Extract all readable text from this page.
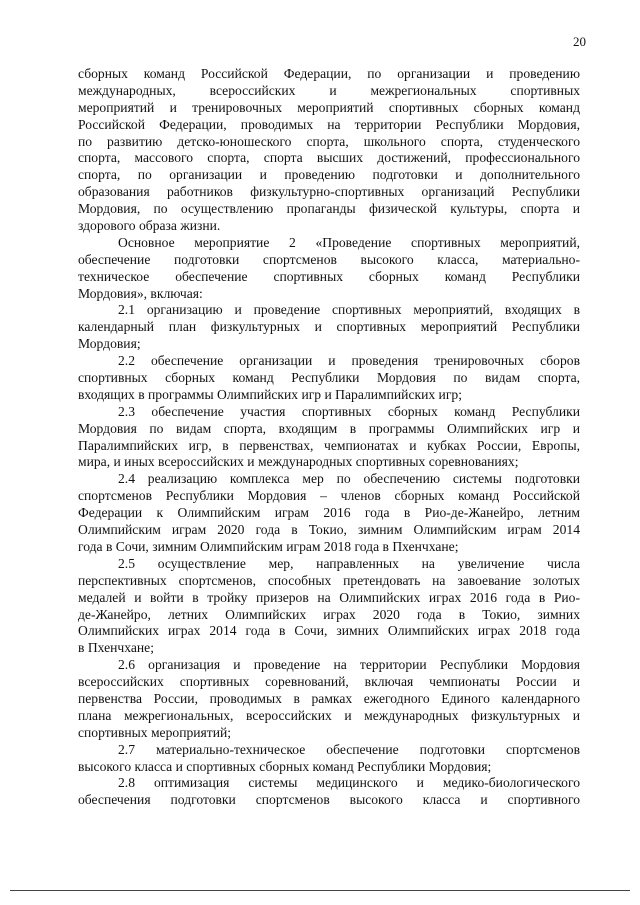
20
сборных команд Российской Федерации, по организации и проведению
международных, всероссийских и межрегиональных спортивных
мероприятий и тренировочных мероприятий спортивных сборных команд
Российской Федерации, проводимых на территории Республики Мордовия,
по развитию детско-юношеского спорта, школьного спорта, студенческого
спорта, массового спорта, спорта высших достижений, профессионального
спорта, по организации и проведению подготовки и дополнительного
образования работников физкультурно-спортивных организаций Республики
Мордовия, по осуществлению пропаганды физической культуры, спорта и
здорового образа жизни.
Основное мероприятие 2 «Проведение спортивных мероприятий,
обеспечение подготовки спортсменов высокого класса, материально-
техническое обеспечение спортивных сборных команд Республики
Мордовия», включая:
2.1 организацию и проведение спортивных мероприятий, входящих в
календарный план физкультурных и спортивных мероприятий Республики
Мордовия;
2.2 обеспечение организации и проведения тренировочных сборов
спортивных сборных команд Республики Мордовия по видам спорта,
входящих в программы Олимпийских игр и Паралимпийских игр;
2.3 обеспечение участия спортивных сборных команд Республики
Мордовия по видам спорта, входящим в программы Олимпийских игр и
Паралимпийских игр, в первенствах, чемпионатах и кубках России, Европы,
мира, и иных всероссийских и международных спортивных соревнованиях;
2.4 реализацию комплекса мер по обеспечению системы подготовки
спортсменов Республики Мордовия – членов сборных команд Российской
Федерации к Олимпийским играм 2016 года в Рио-де-Жанейро, летним
Олимпийским играм 2020 года в Токио, зимним Олимпийским играм 2014
года в Сочи, зимним Олимпийским играм 2018 года в Пхенчхане;
2.5 осуществление мер, направленных на увеличение числа
перспективных спортсменов, способных претендовать на завоевание золотых
медалей и войти в тройку призеров на Олимпийских играх 2016 года в Рио-
де-Жанейро, летних Олимпийских играх 2020 года в Токио, зимних
Олимпийских играх 2014 года в Сочи, зимних Олимпийских играх 2018 года
в Пхенчхане;
2.6 организация и проведение на территории Республики Мордовия
всероссийских спортивных соревнований, включая чемпионаты России и
первенства России, проводимых в рамках ежегодного Единого календарного
плана межрегиональных, всероссийских и международных физкультурных и
спортивных мероприятий;
2.7 материально-техническое обеспечение подготовки спортсменов
высокого класса и спортивных сборных команд Республики Мордовия;
2.8 оптимизация системы медицинского и медико-биологического
обеспечения подготовки спортсменов высокого класса и спортивного
